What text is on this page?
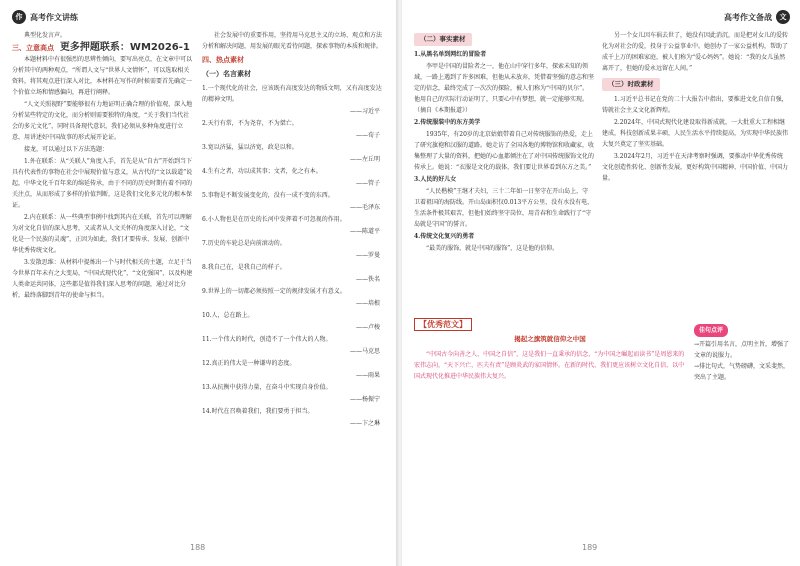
作 高考作文讲练

典型化发言声。

三、立意高点 更多押题联系：WM2026-1

本题材料中有很强烈的思辨性倾向，要写出亮点，在文章中可以分析其中的两种观点，“所谓人文与“世界人文情怀”，可以选取相关资料，将其观点进行深入对比，本材料在写作的时候需要首先确定一个价值立场和情感偏向，再进行阐释。

“人文关照视野”要能够很有力地证明正确合理的价值观，深入地分析某些特定的文化，而分析则需要独特的角度，“关于我们当代社会的多元文化”，同时具备现代意识，我们必须从多种角度进行立意，用讲述好中国故事的形式展开论证。

接龙，可以通过以下方法选题：

1.外在联系：从“关联人”角度入手，首先是从“自古”开始到当下具有代表性的事物在社会中展现价值与意义，从古代的“文以载道”说起，中华文化千百年来的绵延传承，由于不同的历史时期有着不同的关注点，从而形成了多样的价值判断，这是我们文化多元化的根本保证。

2.内在联系：从一些典型事例中找到其内在关联，首先可以理解为对文化自信的深入思考，又或者从人文关怀的角度深入讨论，“文化是一个民族的灵魂”，正因为如此，我们才要传承、发展、创新中华优秀传统文化。

3.发散思维：从材料中提炼出一个与时代相关的主题，立足于当今世界百年未有之大变局，“中国式现代化”，“文化强国”，以及构建人类命运共同体，这些都是值得我们深入思考的问题，通过对比分析，最终落脚到青年的使命与担当。

社会发展中的重要作用，坚持用马克思主义的立场、观点和方法分析和解决问题，用发展的眼光看待问题，探索事物的本质和规律。

四、热点素材
（一）名言素材

1.一个现代化的社会，应该既有高度发达的物质文明，又有高度发达的精神文明。

——习近平

2.天行有常，不为尧存，不为桀亡。

——荀子

3.宽以济猛，猛以济宽，政是以和。

——左丘明

4.生有之者，功以成其事；文者，化之有本。

——管子

5.事物是不断发展变化的，没有一成不变的东西。

——毛泽东

6.小人物也是在历史的长河中发挥着不可忽视的作用。

——陈道平

7.历史的车轮总是向前滚动的。

——罗曼

8.我自己在，是我自己的样子。

——佚名

9.世界上的一切都必须按照一定的规律发展才有意义。

——培根

10.人，总在路上。

——卢梭

11.一个伟大的时代，创造不了一个伟大的人物。

——马克思

12.真正的伟大是一种谦卑的态度。

——雨果

13.从抗衡中获得力量，在奋斗中实现自身价值。

——杨振宁

14.时代在召唤着我们，我们要勇于担当。

——卞之琳

188
高考作文备战	文
（二）事实素材

1.从黑名单到网红的冒险者

李甲是中国的冒险者之一，他在山中穿行多年，探索未知的领域，一路上遇到了许多困难，但他从未放弃，凭借着坚强的意志和坚定的信念，最终完成了一次次的探险，被人们称为“中国的贝尔”。他用自己的实际行动证明了，只要心中有梦想，就一定能够实现。（摘自《本期报道》）

2.传统服装中的东方美学

1935年，有20岁的北京姑娘带着自己对传统服饰的热爱，走上了研究旗袍和汉服的道路。她走访了全国各地的博物馆和收藏家，收集整理了大量的资料，把她的心血都倾注在了对中国传统服饰文化的传承上。她说：“衣服是文化的载体，我们要让世界看到东方之美。”

3.人民的好儿女

“人民楷模”王继才夫妇，三十二年如一日坚守在开山岛上，守卫着祖国的海防线。开山岛面积仅0.013平方公里，没有水没有电，生活条件极其艰苦，但他们始终坚守岗位，用青春和生命践行了“守岛就是守国”的誓言。

4.传统文化复兴的勇者

“最美的服饰，就是中国的服饰”，这是他的信仰。

另一个女儿因车祸去世了，她没有因此消沉，而是把对女儿的爱转化为对社会的爱，投身于公益事业中。她创办了一家公益机构，帮助了成千上万的困难家庭，被人们称为“爱心妈妈”。她说：“我的女儿虽然离开了，但她的爱永远留在人间。”

（三）时政素材

1.习近平总书记在党的二十大报告中指出，要推进文化自信自强，铸就社会主义文化新辉煌。

2.2024年，中国式现代化建设取得新成就，一大批重大工程相继建成，科技创新成果丰硕，人民生活水平持续提高，为实现中华民族伟大复兴奠定了坚实基础。

3.2024年2月，习近平在天津考察时强调，要推动中华优秀传统文化创造性转化、创新性发展，更好构筑中国精神、中国价值、中国力量。

【优秀范文】
揭起之旗筑就信仰之中国

“中国古今向善之人，中国之自信”，这是我们一直秉承的信念，“为中国之崛起而读书”是周恩来的宏伟志向，“天下兴亡，匹夫有责”是顾炎武的家国情怀。在新的时代，我们更应该树立文化自信，以中国式现代化推进中华民族伟大复兴。

佳句点评

→开篇引用名言，点明主旨，增强了文章的说服力。

→排比句式，气势磅礴，文采斐然，突出了主题。

189
